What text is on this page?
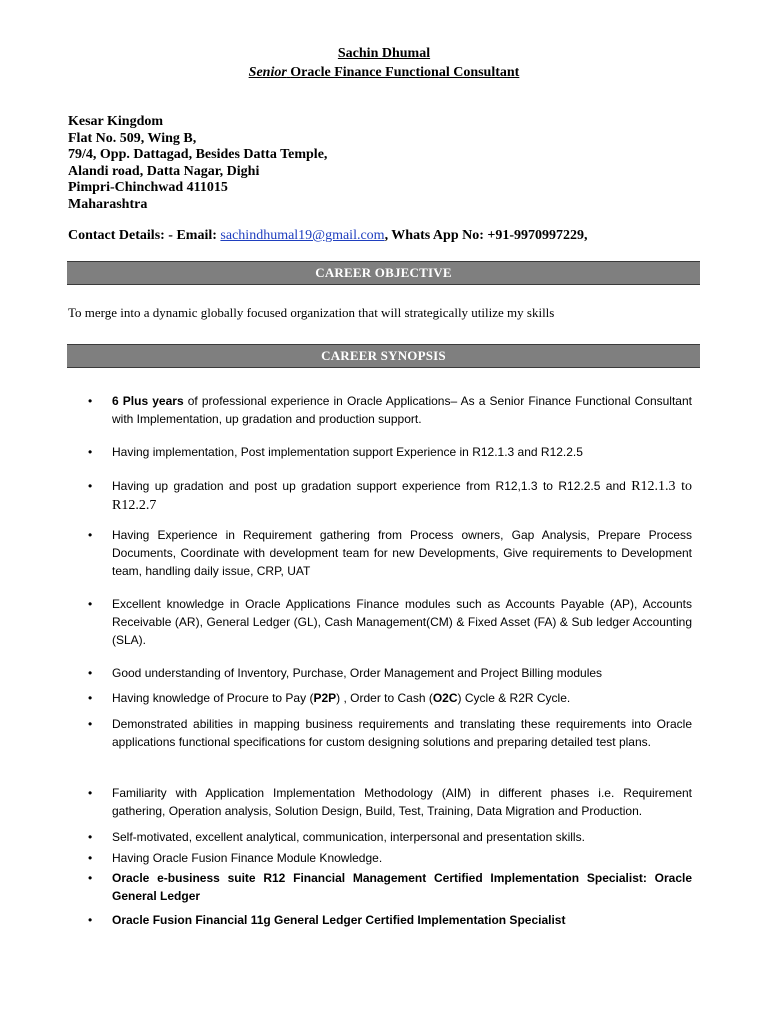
Sachin Dhumal
Senior Oracle Finance Functional Consultant
Kesar Kingdom
Flat No. 509, Wing B,
79/4, Opp. Dattagad, Besides Datta Temple,
Alandi road, Datta Nagar, Dighi
Pimpri-Chinchwad 411015
Maharashtra
Contact Details: - Email: sachindhumal19@gmail.com, Whats App No: +91-9970997229,
CAREER OBJECTIVE
To merge into a dynamic globally focused organization that will strategically utilize my skills
CAREER SYNOPSIS
•	6 Plus years of professional experience in Oracle Applications– As a Senior Finance Functional Consultant with Implementation, up gradation and production support.
•	Having implementation, Post implementation support Experience in R12.1.3 and R12.2.5
•	Having up gradation and post up gradation support experience from R12,1.3 to R12.2.5 and R12.1.3 to R12.2.7
•	Having Experience in Requirement gathering from Process owners, Gap Analysis, Prepare Process Documents, Coordinate with development team for new Developments, Give requirements to Development team, handling daily issue, CRP, UAT
•	Excellent knowledge in Oracle Applications Finance modules such as Accounts Payable (AP), Accounts Receivable (AR), General Ledger (GL), Cash Management(CM) & Fixed Asset (FA) & Sub ledger Accounting (SLA).
•	Good understanding of Inventory, Purchase, Order Management and Project Billing modules
•	Having knowledge of Procure to Pay (P2P) , Order to Cash (O2C) Cycle & R2R Cycle.
•	Demonstrated abilities in mapping business requirements and translating these requirements into Oracle applications functional specifications for custom designing solutions and preparing detailed test plans.
•	Familiarity with Application Implementation Methodology (AIM) in different phases i.e. Requirement gathering, Operation analysis, Solution Design, Build, Test, Training, Data Migration and Production.
•	Self-motivated, excellent analytical, communication, interpersonal and presentation skills.
•	Having Oracle Fusion Finance Module Knowledge.
•	Oracle e-business suite R12 Financial Management Certified Implementation Specialist: Oracle General Ledger
•	Oracle Fusion Financial 11g General Ledger Certified Implementation Specialist
